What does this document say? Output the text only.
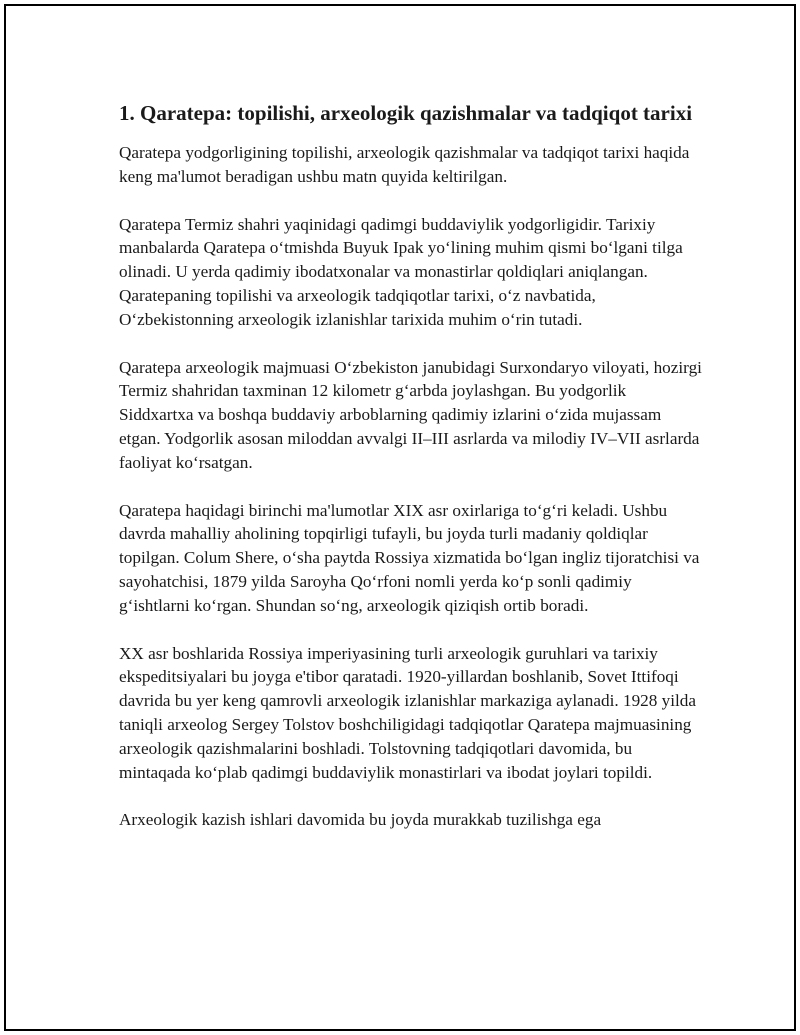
1. Qaratepa: topilishi, arxeologik qazishmalar va tadqiqot tarixi

Qaratepa yodgorligining topilishi, arxeologik qazishmalar va tadqiqot tarixi haqida keng ma'lumot beradigan ushbu matn quyida keltirilgan.

Qaratepa Termiz shahri yaqinidagi qadimgi buddaviylik yodgorligidir. Tarixiy manbalarda Qaratepa oʻtmishda Buyuk Ipak yoʻlining muhim qismi boʻlgani tilga olinadi. U yerda qadimiy ibodatxonalar va monastirlar qoldiqlari aniqlangan. Qaratepaning topilishi va arxeologik tadqiqotlar tarixi, oʻz navbatida, Oʻzbekistonning arxeologik izlanishlar tarixida muhim oʻrin tutadi.

Qaratepa arxeologik majmuasi Oʻzbekiston janubidagi Surxondaryo viloyati, hozirgi Termiz shahridan taxminan 12 kilometr gʻarbda joylashgan. Bu yodgorlik Siddxartxa va boshqa buddaviy arboblarning qadimiy izlarini oʻzida mujassam etgan. Yodgorlik asosan miloddan avvalgi II–III asrlarda va milodiy IV–VII asrlarda faoliyat koʻrsatgan.

Qaratepa haqidagi birinchi ma'lumotlar XIX asr oxirlariga toʻgʻri keladi. Ushbu davrda mahalliy aholining topqirligi tufayli, bu joyda turli madaniy qoldiqlar topilgan. Colum Shere, oʻsha paytda Rossiya xizmatida boʻlgan ingliz tijoratchisi va sayohatchisi, 1879 yilda Saroyha Qoʻrfoni nomli yerda koʻp sonli qadimiy gʻishtlarni koʻrgan. Shundan soʻng, arxeologik qiziqish ortib boradi.

XX asr boshlarida Rossiya imperiyasining turli arxeologik guruhlari va tarixiy ekspeditsiyalari bu joyga e'tibor qaratadi. 1920-yillardan boshlanib, Sovet Ittifoqi davrida bu yer keng qamrovli arxeologik izlanishlar markaziga aylanadi. 1928 yilda taniqli arxeolog Sergey Tolstov boshchiligidagi tadqiqotlar Qaratepa majmuasining arxeologik qazishmalarini boshladi. Tolstovning tadqiqotlari davomida, bu mintaqada koʻplab qadimgi buddaviylik monastirlari va ibodat joylari topildi.

Arxeologik kazish ishlari davomida bu joyda murakkab tuzilishga ega
